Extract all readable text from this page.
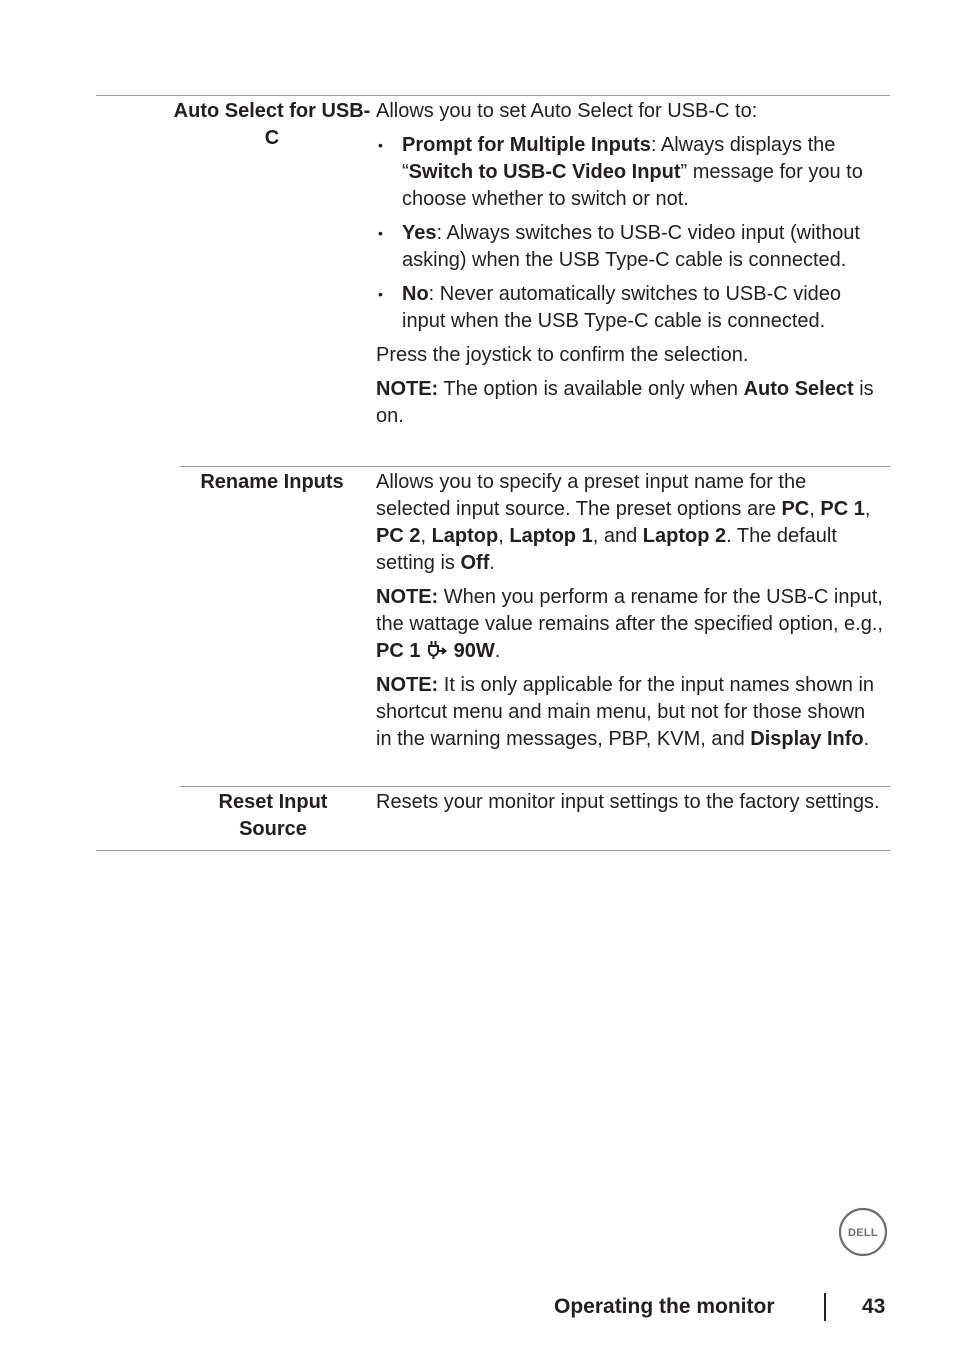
Auto Select for USB-C

Allows you to set Auto Select for USB-C to:

• Prompt for Multiple Inputs: Always displays the “Switch to USB-C Video Input” message for you to choose whether to switch or not.
• Yes: Always switches to USB-C video input (without asking) when the USB Type-C cable is connected.
• No: Never automatically switches to USB-C video input when the USB Type-C cable is connected.

Press the joystick to confirm the selection.

NOTE: The option is available only when Auto Select is on.

Rename Inputs	Allows you to specify a preset input name for the selected input source. The preset options are PC, PC 1, PC 2, Laptop, Laptop 1, and Laptop 2. The default setting is Off.

NOTE: When you perform a rename for the USB-C input, the wattage value remains after the specified option, e.g., PC 1 90W.

NOTE: It is only applicable for the input names shown in shortcut menu and main menu, but not for those shown in the warning messages, PBP, KVM, and Display Info.

Reset Input Source

Resets your monitor input settings to the factory settings.

DELL
Operating the monitor	43
